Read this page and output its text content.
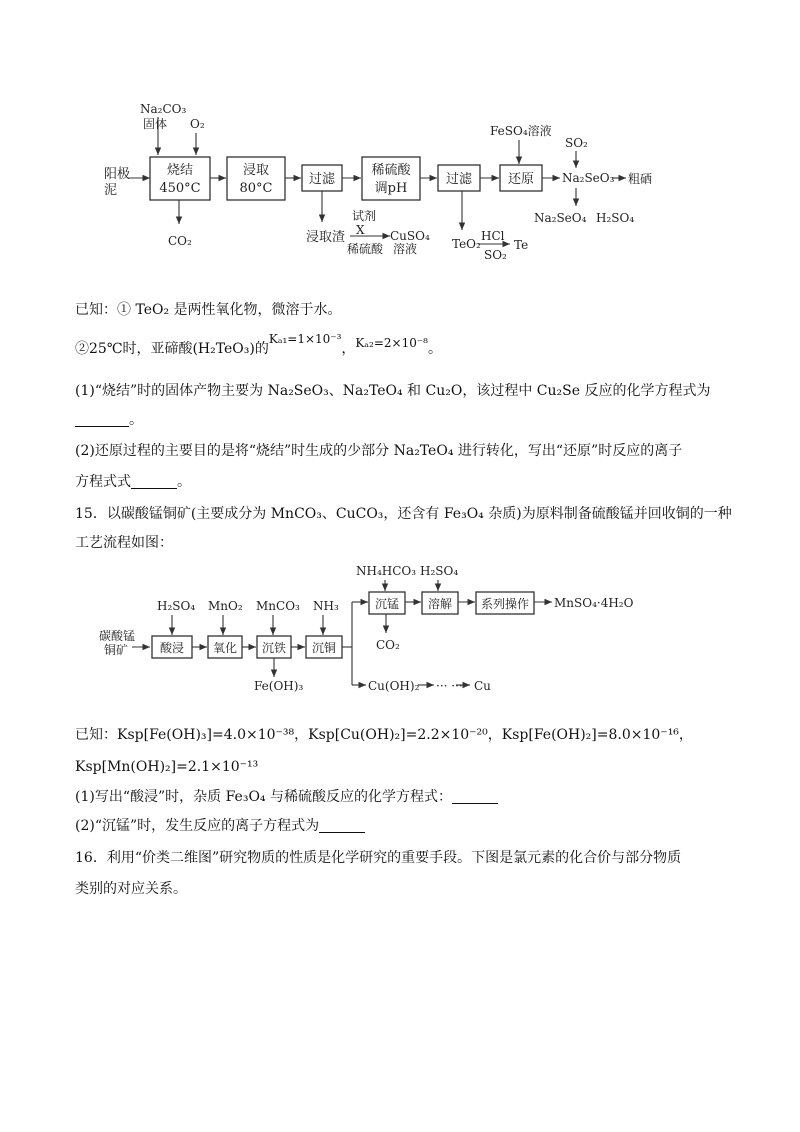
Na₂CO₃
固体 O₂
阳极
泥
烧结
450°C
浸取
80°C
过滤
稀硫酸
调pH
过滤	还原
CO₂	浸取渣
试剂
X
稀硫酸
CuSO₄
溶液	TeO₂
HCl
SO₂
Te
FeSO₄溶液
SO₂
Na₂SeO₃ 粗硒
Na₂SeO₄ H₂SO₄
已知：① TeO₂ 是两性氧化物，微溶于水。
②25℃时，亚碲酸(H₂TeO₃)的Kₐ₁=1×10⁻³，Kₐ₂=2×10⁻⁸。
(1)“烧结”时的固体产物主要为 Na₂SeO₃、Na₂TeO₄ 和 Cu₂O，该过程中 Cu₂Se 反应的化学方程式为
。
(2)还原过程的主要目的是将“烧结”时生成的少部分 Na₂TeO₄ 进行转化，写出“还原”时反应的离子
方程式式	。
15．以碳酸锰铜矿(主要成分为 MnCO₃、CuCO₃，还含有 Fe₃O₄ 杂质)为原料制备硫酸锰并回收铜的一种
工艺流程如图：
碳酸锰
铜矿
H₂SO₄
酸浸
MnO₂
氧化
MnCO₃
沉铁
Fe(OH)₃
NH₃
沉铜
NH₄HCO₃
沉锰
CO₂
H₂SO₄
溶解 系列操作 MnSO₄·4H₂O
Cu(OH)₂ ··· ··· Cu
已知：Ksp[Fe(OH)₃]=4.0×10⁻³⁸，Ksp[Cu(OH)₂]=2.2×10⁻²⁰，Ksp[Fe(OH)₂]=8.0×10⁻¹⁶，
Ksp[Mn(OH)₂]=2.1×10⁻¹³
(1)写出“酸浸”时，杂质 Fe₃O₄ 与稀硫酸反应的化学方程式：
(2)“沉锰”时，发生反应的离子方程式为
16．利用“价类二维图”研究物质的性质是化学研究的重要手段。下图是氯元素的化合价与部分物质
类别的对应关系。
